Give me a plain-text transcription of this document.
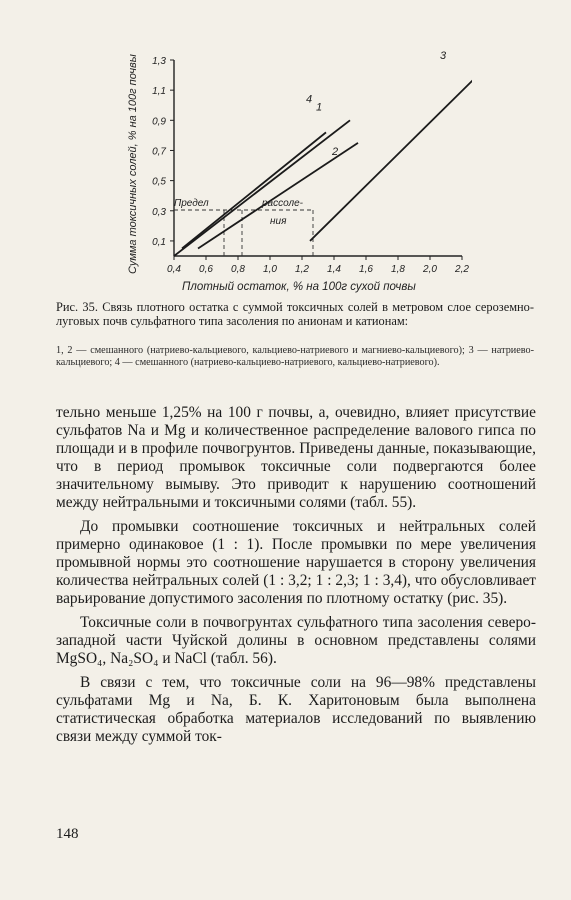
0,1
0,3
0,5
0,7
0,9
1,1
1,3
0,4 0,6 0,8 1,0 1,2 1,4 1,6 1,8 2,0 2,2
1
2
3
4
Предел	рассоле-
ния
Сумма токсичных солей, % на 100г почвы
Плотный остаток, % на 100г сухой почвы
Рис. 35. Связь плотного остатка с суммой токсичных солей в метровом слое сероземно-луговых почв сульфатного типа засоления по анионам и катионам:
1, 2 — смешанного (натриево-кальциевого, кальциево-натриевого и магниево-кальциевого); 3 — натриево-кальциевого; 4 — смешанного (натриево-кальциево-натриевого, кальциево-натриевого).

тельно меньше 1,25% на 100 г почвы, а, очевидно, влияет присутствие сульфатов Na и Mg и количественное распределение валового гипса по площади и в профиле почвогрунтов. Приведены данные, показывающие, что в период промывок токсичные соли подвергаются более значительному вымыву. Это приводит к нарушению соотношений между нейтральными и токсичными солями (табл. 55).

До промывки соотношение токсичных и нейтральных солей примерно одинаковое (1 : 1). После промывки по мере увеличения промывной нормы это соотношение нарушается в сторону увеличения количества нейтральных солей (1 : 3,2; 1 : 2,3; 1 : 3,4), что обусловливает варьирование допустимого засоления по плотному остатку (рис. 35).

Токсичные соли в почвогрунтах сульфатного типа засоления северо-западной части Чуйской долины в основном представлены солями MgSO₄, Na₂SO₄ и NaCl (табл. 56).

В связи с тем, что токсичные соли на 96—98% представлены сульфатами Mg и Na, Б. К. Харитоновым была выполнена статистическая обработка материалов исследований по выявлению связи между суммой ток-

148
